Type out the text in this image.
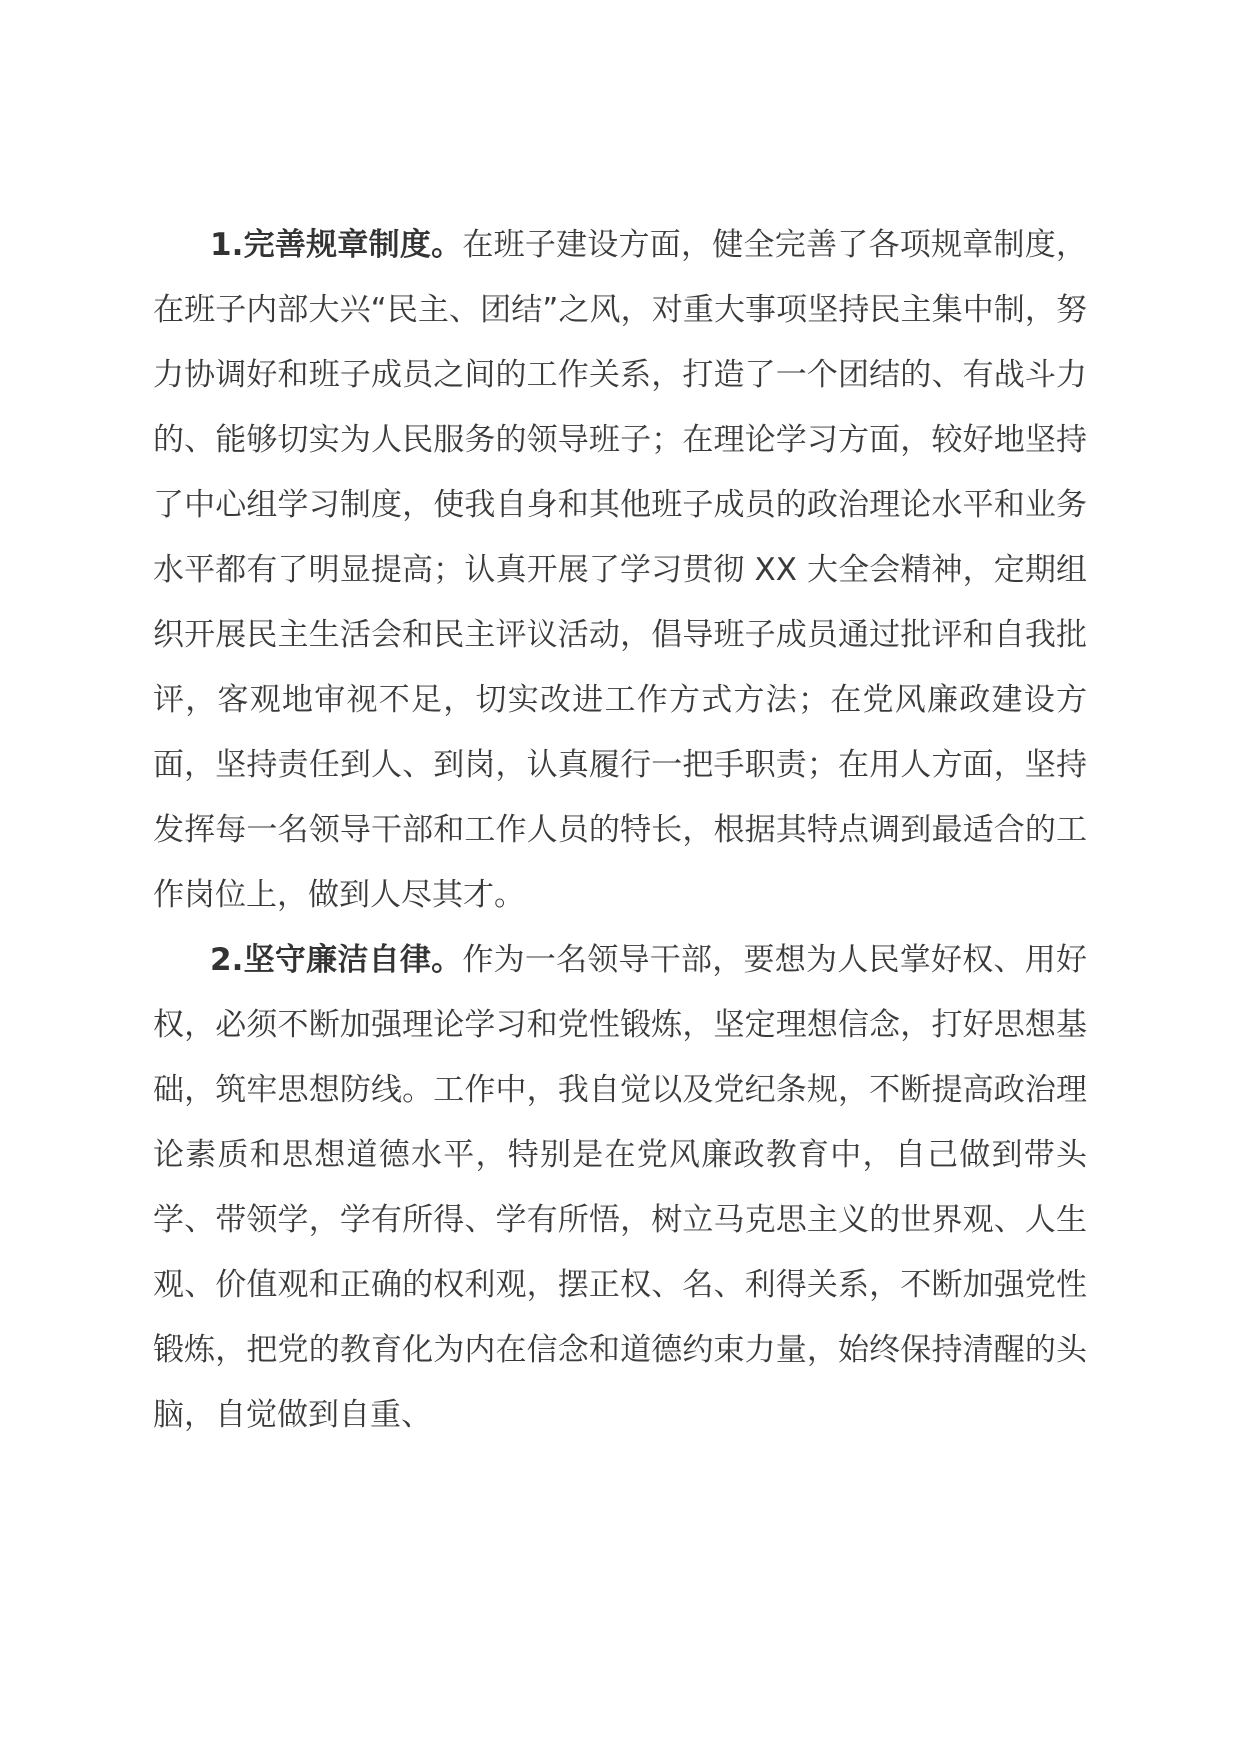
1.完善规章制度。在班子建设方面，健全完善了各项规章制度，在班子内部大兴“民主、团结”之风，对重大事项坚持民主集中制，努力协调好和班子成员之间的工作关系，打造了一个团结的、有战斗力的、能够切实为人民服务的领导班子；在理论学习方面，较好地坚持了中心组学习制度，使我自身和其他班子成员的政治理论水平和业务水平都有了明显提高；认真开展了学习贯彻 XX 大全会精神，定期组织开展民主生活会和民主评议活动，倡导班子成员通过批评和自我批评，客观地审视不足，切实改进工作方式方法；在党风廉政建设方面，坚持责任到人、到岗，认真履行一把手职责；在用人方面，坚持发挥每一名领导干部和工作人员的特长，根据其特点调到最适合的工作岗位上，做到人尽其才。

2.坚守廉洁自律。作为一名领导干部，要想为人民掌好权、用好权，必须不断加强理论学习和党性锻炼，坚定理想信念，打好思想基础，筑牢思想防线。工作中，我自觉以及党纪条规，不断提高政治理论素质和思想道德水平，特别是在党风廉政教育中，自己做到带头学、带领学，学有所得、学有所悟，树立马克思主义的世界观、人生观、价值观和正确的权利观，摆正权、名、利得关系，不断加强党性锻炼，把党的教育化为内在信念和道德约束力量，始终保持清醒的头脑，自觉做到自重、
